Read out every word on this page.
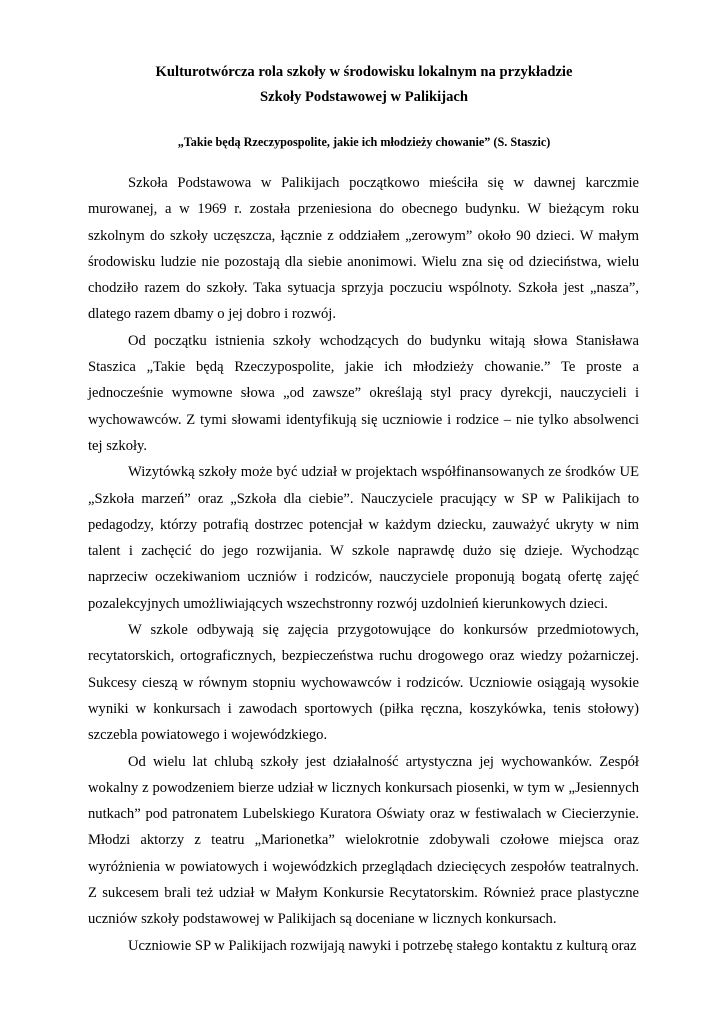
Kulturotwórcza rola szkoły w środowisku lokalnym na przykładzie
Szkoły Podstawowej w Palikijach

„Takie będą Rzeczypospolite, jakie ich młodzieży chowanie” (S. Staszic)

Szkoła Podstawowa w Palikijach początkowo mieściła się w dawnej karczmie murowanej, a w 1969 r. została przeniesiona do obecnego budynku. W bieżącym roku szkolnym do szkoły uczęszcza, łącznie z oddziałem „zerowym” około 90 dzieci. W małym środowisku ludzie nie pozostają dla siebie anonimowi. Wielu zna się od dzieciństwa, wielu chodziło razem do szkoły. Taka sytuacja sprzyja poczuciu wspólnoty. Szkoła jest „nasza”, dlatego razem dbamy o jej dobro i rozwój.

Od początku istnienia szkoły wchodzących do budynku witają słowa Stanisława Staszica „Takie będą Rzeczypospolite, jakie ich młodzieży chowanie.” Te proste a jednocześnie wymowne słowa „od zawsze” określają styl pracy dyrekcji, nauczycieli i wychowawców. Z tymi słowami identyfikują się uczniowie i rodzice – nie tylko absolwenci tej szkoły.

Wizytówką szkoły może być udział w projektach współfinansowanych ze środków UE „Szkoła marzeń” oraz „Szkoła dla ciebie”. Nauczyciele pracujący w SP w Palikijach to pedagodzy, którzy potrafią dostrzec potencjał w każdym dziecku, zauważyć ukryty w nim talent i zachęcić do jego rozwijania. W szkole naprawdę dużo się dzieje. Wychodząc naprzeciw oczekiwaniom uczniów i rodziców, nauczyciele proponują bogatą ofertę zajęć pozalekcyjnych umożliwiających wszechstronny rozwój uzdolnień kierunkowych dzieci.

W szkole odbywają się zajęcia przygotowujące do konkursów przedmiotowych, recytatorskich, ortograficznych, bezpieczeństwa ruchu drogowego oraz wiedzy pożarniczej. Sukcesy cieszą w równym stopniu wychowawców i rodziców. Uczniowie osiągają wysokie wyniki w konkursach i zawodach sportowych (piłka ręczna, koszykówka, tenis stołowy) szczebla powiatowego i wojewódzkiego.

Od wielu lat chlubą szkoły jest działalność artystyczna jej wychowanków. Zespół wokalny z powodzeniem bierze udział w licznych konkursach piosenki, w tym w „Jesiennych nutkach” pod patronatem Lubelskiego Kuratora Oświaty oraz w festiwalach w Ciecierzynie. Młodzi aktorzy z teatru „Marionetka” wielokrotnie zdobywali czołowe miejsca oraz wyróżnienia w powiatowych i wojewódzkich przeglądach dziecięcych zespołów teatralnych. Z sukcesem brali też udział w Małym Konkursie Recytatorskim. Również prace plastyczne uczniów szkoły podstawowej w Palikijach są doceniane w licznych konkursach.

Uczniowie SP w Palikijach rozwijają nawyki i potrzebę stałego kontaktu z kulturą oraz
